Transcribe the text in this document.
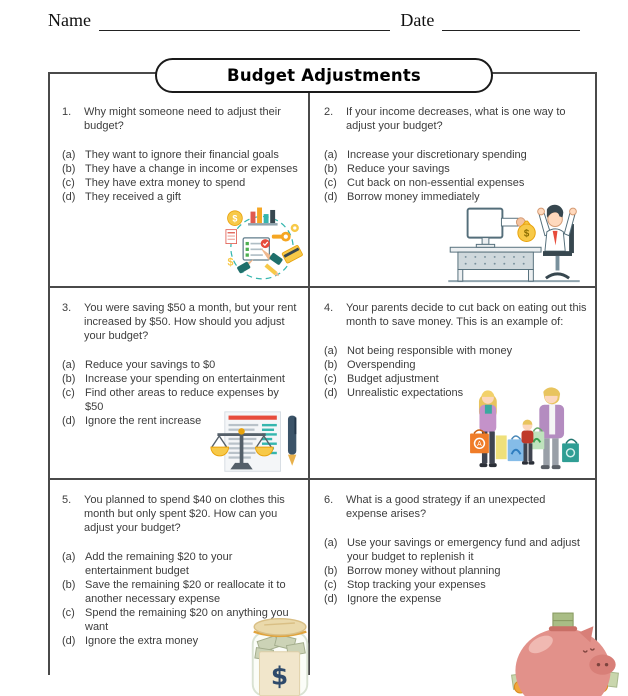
Name	Date
Budget Adjustments
1.	Why might someone need to adjust their budget?
(a) They want to ignore their financial goals
(b) They have a change in income or expenses
(c) They have extra money to spend
(d) They received a gift
$
$
2.	If your income decreases, what is one way to adjust your budget?
(a) Increase your discretionary spending
(b) Reduce your savings
(c) Cut back on non-essential expenses
(d) Borrow money immediately
$
3.	You were saving $50 a month, but your rent increased by $50. How should you adjust your budget?
(a) Reduce your savings to $0
(b) Increase your spending on entertainment
(c) Find other areas to reduce expenses by $50
(d) Ignore the rent increase
4.	Your parents decide to cut back on eating out this month to save money. This is an example of:
(a) Not being responsible with money
(b) Overspending
(c) Budget adjustment
(d) Unrealistic expectations
A
5.	You planned to spend $40 on clothes this month but only spent $20. How can you adjust your budget?
(a) Add the remaining $20 to your entertainment budget
(b) Save the remaining $20 or reallocate it to another necessary expense
(c) Spend the remaining $20 on anything you want
(d) Ignore the extra money
$
6.	What is a good strategy if an unexpected expense arises?
(a) Use your savings or emergency fund and adjust your budget to replenish it
(b) Borrow money without planning
(c) Stop tracking your expenses
(d) Ignore the expense
